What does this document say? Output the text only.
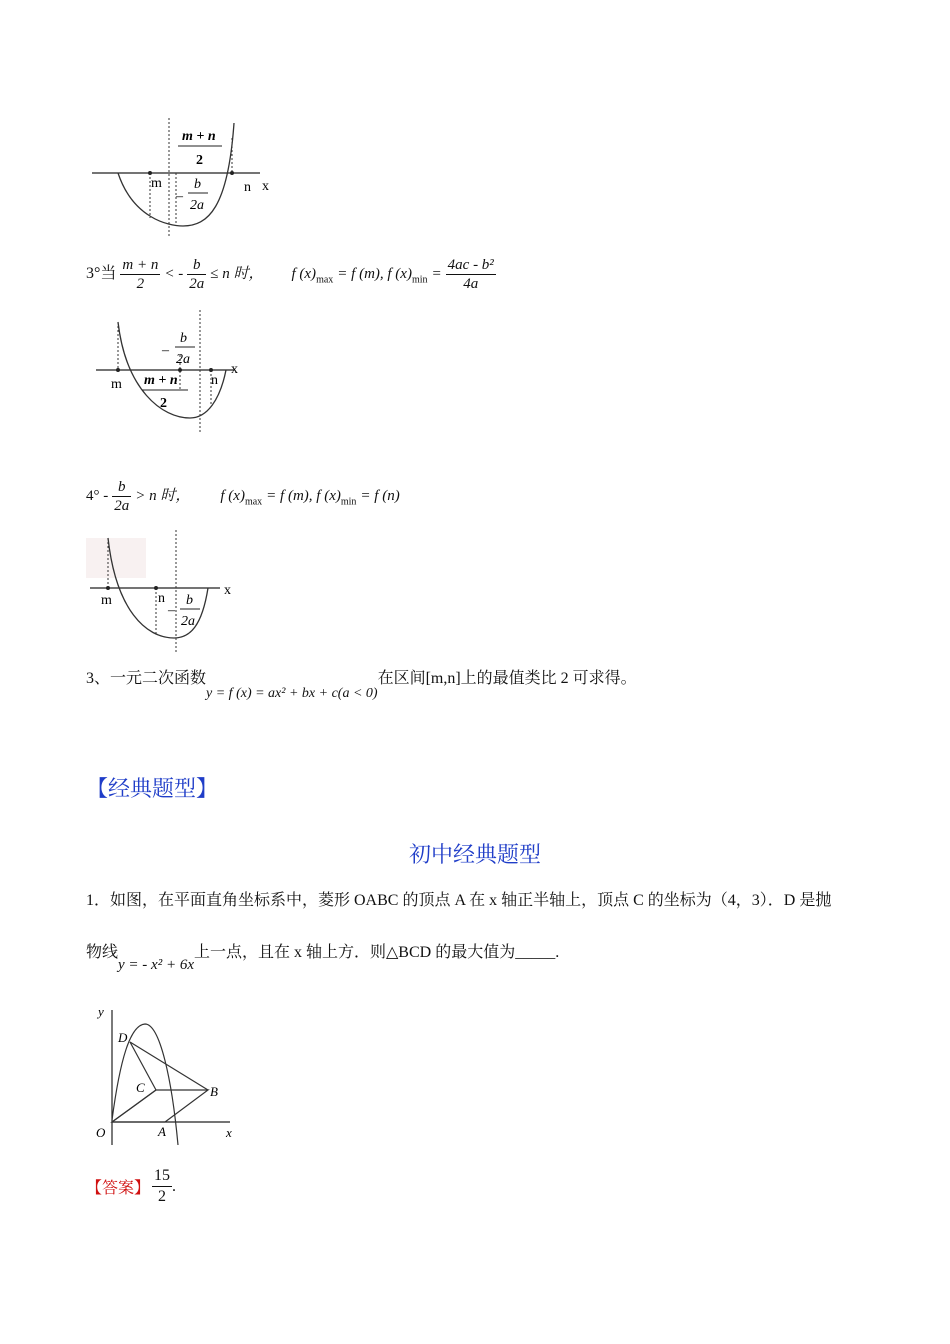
m + n
2
m
–
b
2a
n x
3°当 $\frac{m + n}{2}$ < - $\frac{b}{2a} \le n$ 时， f $(x)_{max} = f$ (m), f $(x)_{min} = \frac{\text{4ac - b²}}{4a}$
–
b
2a
m m + n
2
n
x
$4^\circ - \frac{b}{2a} > n$ 时， f $(x)_{max} = f$ (m), f $(x)_{min} = f$ (n)
m	n
–
b
2a
x
3、一元二次函数y = f (x) = ax² + bx + c(a < 0)在区间[m,n]上的最值类比 2 可求得。
【经典题型】
初中经典题型
1．如图，在平面直角坐标系中，菱形 OABC 的顶点 A 在 x 轴正半轴上，顶点 C 的坐标为（4，3）．D 是抛
物线y = - x² + 6x上一点，且在 x 轴上方．则△BCD 的最大值为_____.
y
D
C	B
O	A	x
【答案】 $\frac{15}{2}$ .
